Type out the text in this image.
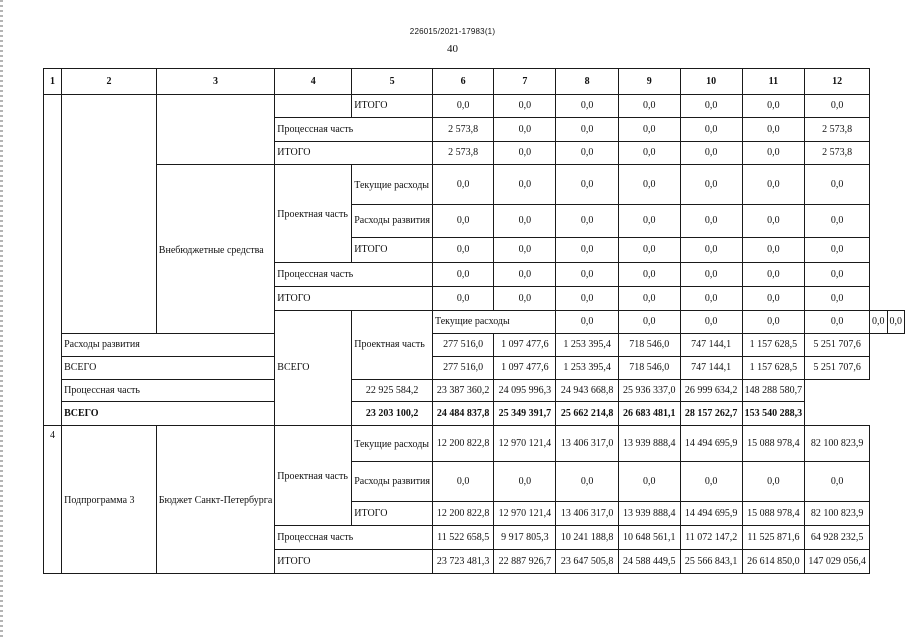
226015/2021-17983(1)
40
1	2	3	4	5	6	7	8	9	10	11	12		
				ИТОГО	0,0	0,0	0,0	0,0	0,0	0,0	0,0		
			Процессная часть		2 573,8	0,0	0,0	0,0	0,0	0,0	2 573,8		
			ИТОГО		2 573,8	0,0	0,0	0,0	0,0	0,0	2 573,8		
		Внебюджетные средства	Проектная часть	Текущие расходы	0,0	0,0	0,0	0,0	0,0	0,0	0,0		
				Расходы развития	0,0	0,0	0,0	0,0	0,0	0,0	0,0		
				ИТОГО	0,0	0,0	0,0	0,0	0,0	0,0	0,0		
			Процессная часть		0,0	0,0	0,0	0,0	0,0	0,0	0,0		
			ИТОГО		0,0	0,0	0,0	0,0	0,0	0,0	0,0		
			ВСЕГО	Проектная часть	Текущие расходы		0,0	0,0	0,0	0,0	0,0	0,0	0,0
	Расходы развития				277 516,0	1 097 477,6	1 253 395,4	718 546,0	747 144,1	1 157 628,5	5 251 707,6		
	ВСЕГО				277 516,0	1 097 477,6	1 253 395,4	718 546,0	747 144,1	1 157 628,5	5 251 707,6		
	Процессная часть			22 925 584,2	23 387 360,2	24 095 996,3	24 943 668,8	25 936 337,0	26 999 634,2	148 288 580,7			
	ВСЕГО			23 203 100,2	24 484 837,8	25 349 391,7	25 662 214,8	26 683 481,1	28 157 262,7	153 540 288,3			
4	Подпрограмма 3	Бюджет Санкт-Петербурга	Проектная часть	Текущие расходы	12 200 822,8	12 970 121,4	13 406 317,0	13 939 888,4	14 494 695,9	15 088 978,4	82 100 823,9		
				Расходы развития	0,0	0,0	0,0	0,0	0,0	0,0	0,0		
				ИТОГО	12 200 822,8	12 970 121,4	13 406 317,0	13 939 888,4	14 494 695,9	15 088 978,4	82 100 823,9		
			Процессная часть		11 522 658,5	9 917 805,3	10 241 188,8	10 648 561,1	11 072 147,2	11 525 871,6	64 928 232,5		
			ИТОГО		23 723 481,3	22 887 926,7	23 647 505,8	24 588 449,5	25 566 843,1	26 614 850,0	147 029 056,4		
